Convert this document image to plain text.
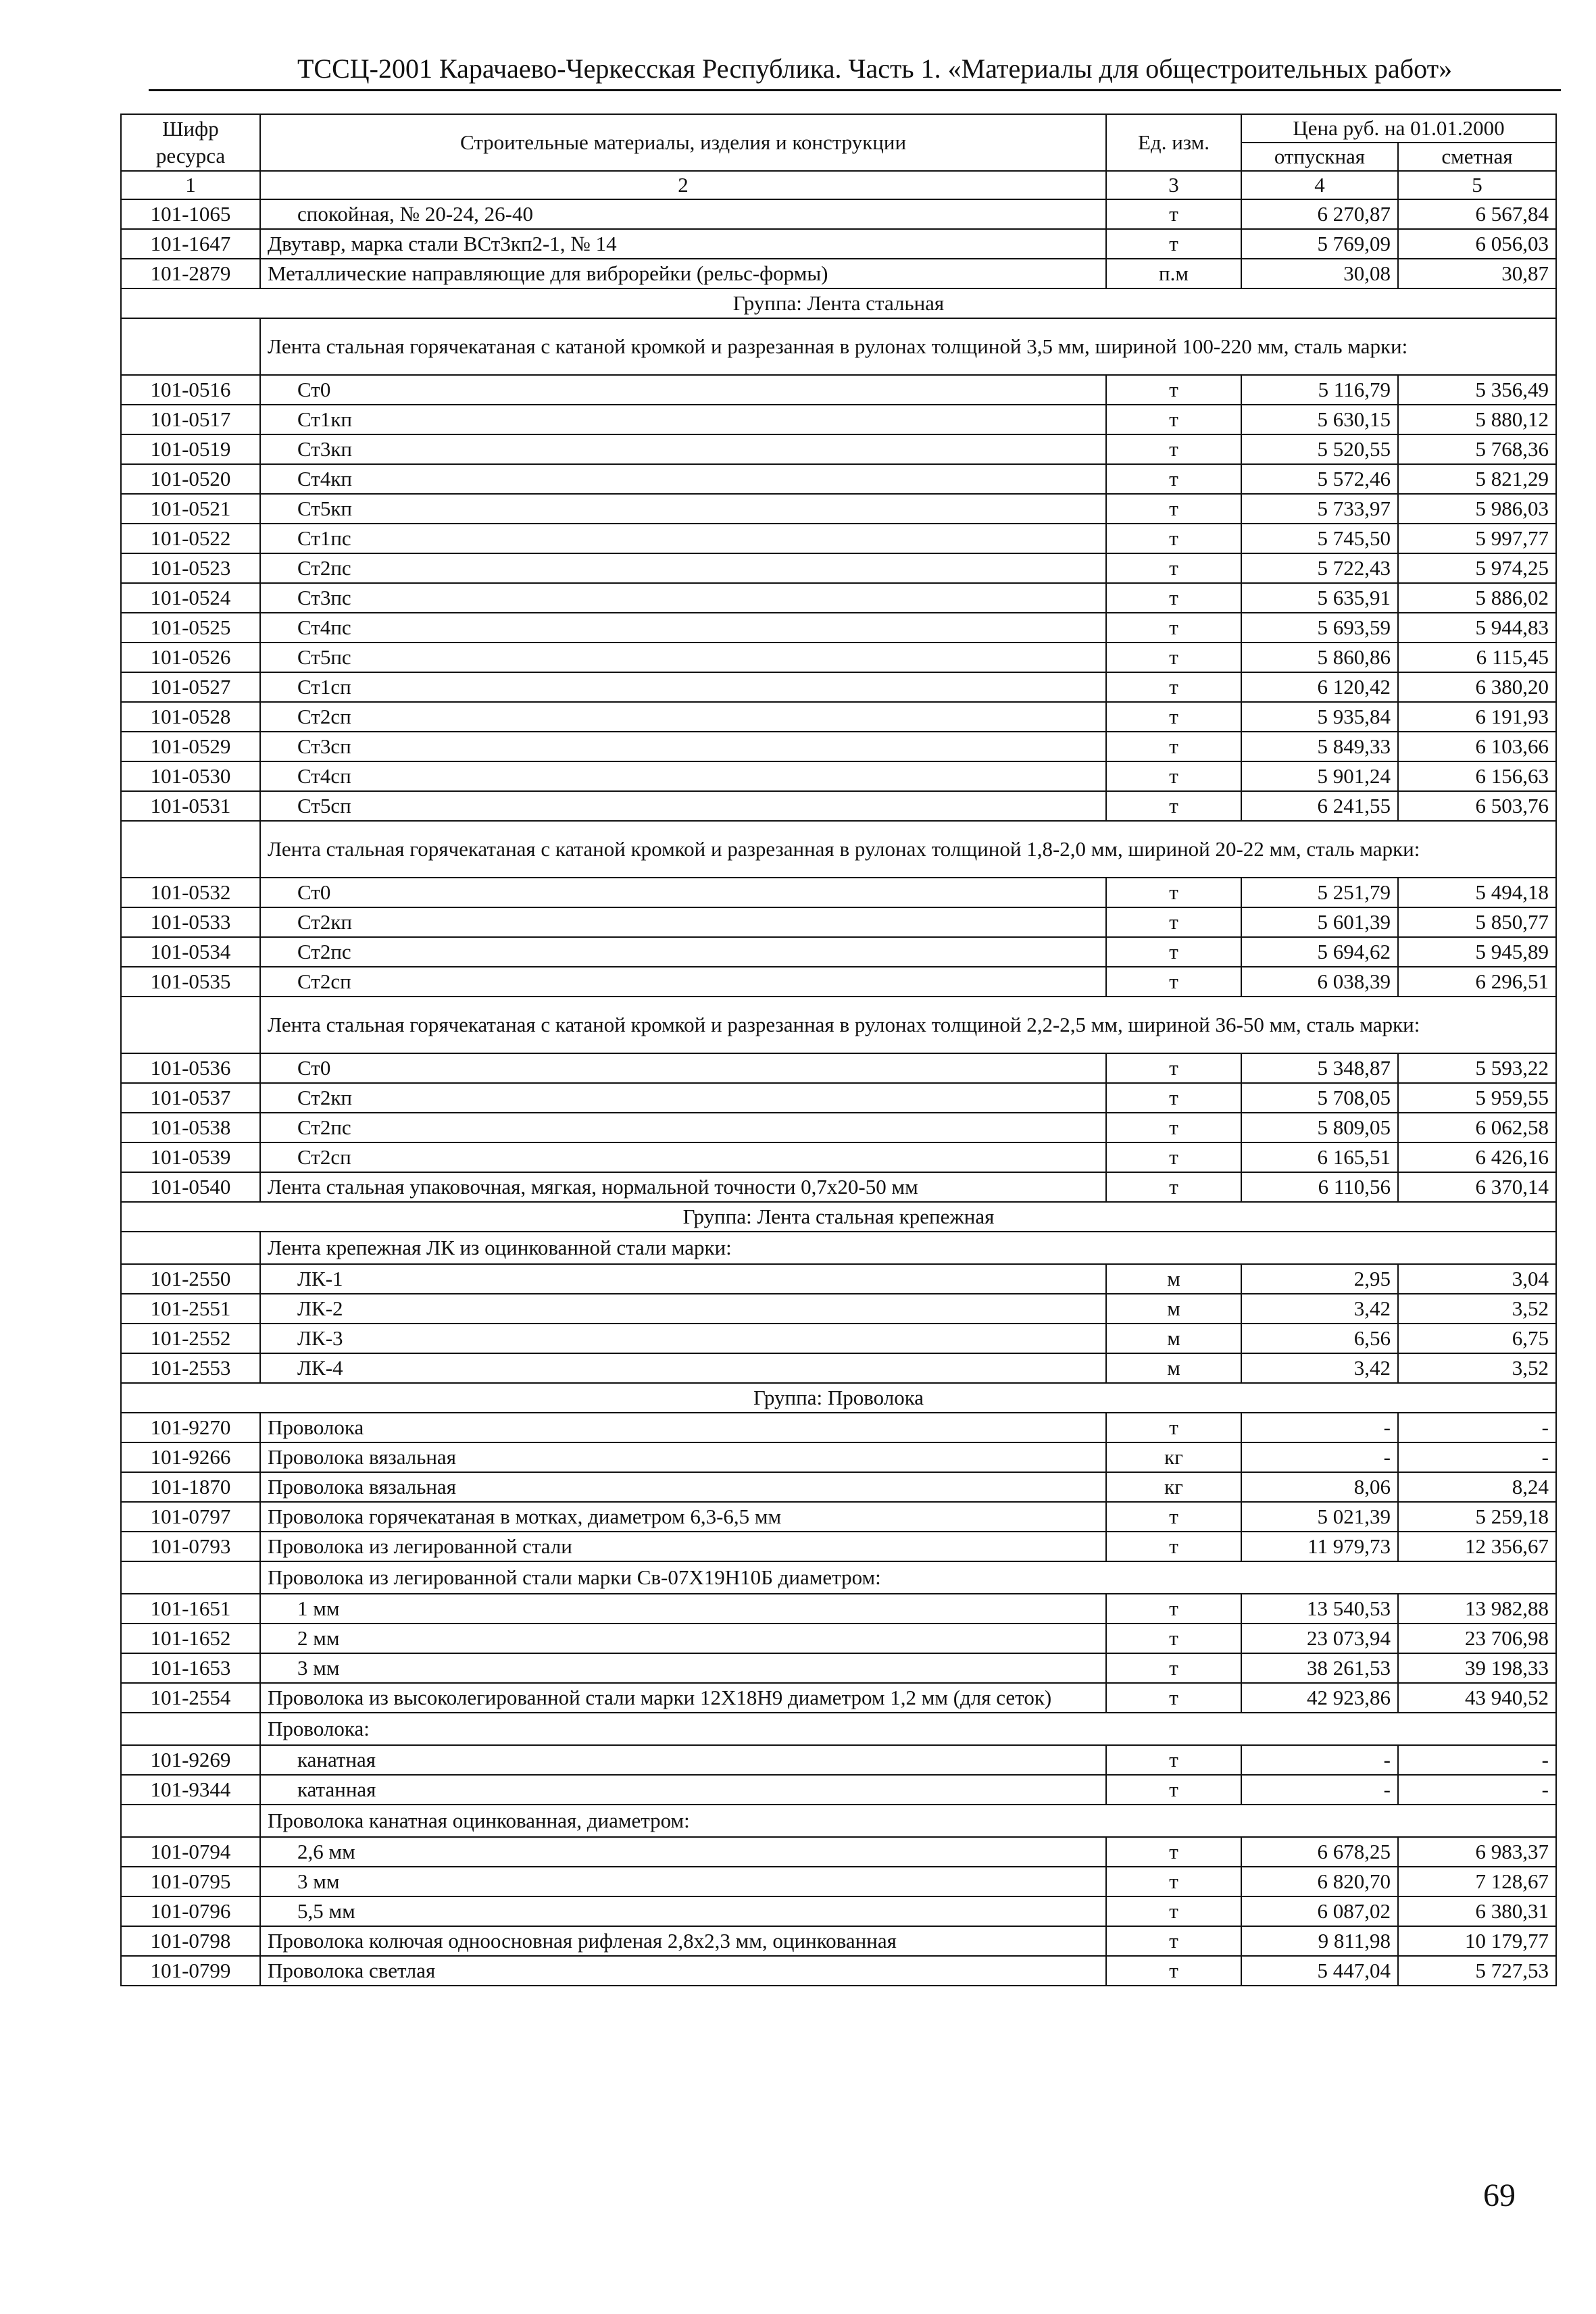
ТССЦ-2001 Карачаево-Черкесская Республика. Часть 1. «Материалы для общестроительных работ»
Шифр ресурса	Строительные материалы, изделия и конструкции	Ед. изм.	Цена руб. на 01.01.2000	
			отпускная	сметная
1	2	3	4	5
101-1065	спокойная, № 20-24, 26-40	т	6 270,87	6 567,84
101-1647	Двутавр, марка стали ВСт3кп2-1, № 14	т	5 769,09	6 056,03
101-2879	Металлические направляющие для виброрейки (рельс-формы)	п.м	30,08	30,87
Группа: Лента стальная				
	Лента стальная горячекатаная с катаной кромкой и разрезанная в рулонах толщиной 3,5 мм, шириной 100-220 мм, сталь марки:			
101-0516	Ст0	т	5 116,79	5 356,49
101-0517	Ст1кп	т	5 630,15	5 880,12
101-0519	Ст3кп	т	5 520,55	5 768,36
101-0520	Ст4кп	т	5 572,46	5 821,29
101-0521	Ст5кп	т	5 733,97	5 986,03
101-0522	Ст1пс	т	5 745,50	5 997,77
101-0523	Ст2пс	т	5 722,43	5 974,25
101-0524	Ст3пс	т	5 635,91	5 886,02
101-0525	Ст4пс	т	5 693,59	5 944,83
101-0526	Ст5пс	т	5 860,86	6 115,45
101-0527	Ст1сп	т	6 120,42	6 380,20
101-0528	Ст2сп	т	5 935,84	6 191,93
101-0529	Ст3сп	т	5 849,33	6 103,66
101-0530	Ст4сп	т	5 901,24	6 156,63
101-0531	Ст5сп	т	6 241,55	6 503,76
	Лента стальная горячекатаная с катаной кромкой и разрезанная в рулонах толщиной 1,8-2,0 мм, шириной 20-22 мм, сталь марки:			
101-0532	Ст0	т	5 251,79	5 494,18
101-0533	Ст2кп	т	5 601,39	5 850,77
101-0534	Ст2пс	т	5 694,62	5 945,89
101-0535	Ст2сп	т	6 038,39	6 296,51
	Лента стальная горячекатаная с катаной кромкой и разрезанная в рулонах толщиной 2,2-2,5 мм, шириной 36-50 мм, сталь марки:			
101-0536	Ст0	т	5 348,87	5 593,22
101-0537	Ст2кп	т	5 708,05	5 959,55
101-0538	Ст2пс	т	5 809,05	6 062,58
101-0539	Ст2сп	т	6 165,51	6 426,16
101-0540	Лента стальная упаковочная, мягкая, нормальной точности 0,7х20-50 мм	т	6 110,56	6 370,14
Группа: Лента стальная крепежная				
	Лента крепежная ЛК из оцинкованной стали марки:			
101-2550	ЛК-1	м	2,95	3,04
101-2551	ЛК-2	м	3,42	3,52
101-2552	ЛК-3	м	6,56	6,75
101-2553	ЛК-4	м	3,42	3,52
Группа: Проволока				
101-9270	Проволока	т	-	-
101-9266	Проволока вязальная	кг	-	-
101-1870	Проволока вязальная	кг	8,06	8,24
101-0797	Проволока горячекатаная в мотках, диаметром 6,3-6,5 мм	т	5 021,39	5 259,18
101-0793	Проволока из легированной стали	т	11 979,73	12 356,67
	Проволока из легированной стали марки Св-07Х19Н10Б диаметром:			
101-1651	1 мм	т	13 540,53	13 982,88
101-1652	2 мм	т	23 073,94	23 706,98
101-1653	3 мм	т	38 261,53	39 198,33
101-2554	Проволока из высоколегированной стали марки 12Х18Н9 диаметром 1,2 мм (для сеток)	т	42 923,86	43 940,52
	Проволока:			
101-9269	канатная	т	-	-
101-9344	катанная	т	-	-
	Проволока канатная оцинкованная, диаметром:			
101-0794	2,6 мм	т	6 678,25	6 983,37
101-0795	3 мм	т	6 820,70	7 128,67
101-0796	5,5 мм	т	6 087,02	6 380,31
101-0798	Проволока колючая одноосновная рифленая 2,8х2,3 мм, оцинкованная	т	9 811,98	10 179,77
101-0799	Проволока светлая	т	5 447,04	5 727,53
69
